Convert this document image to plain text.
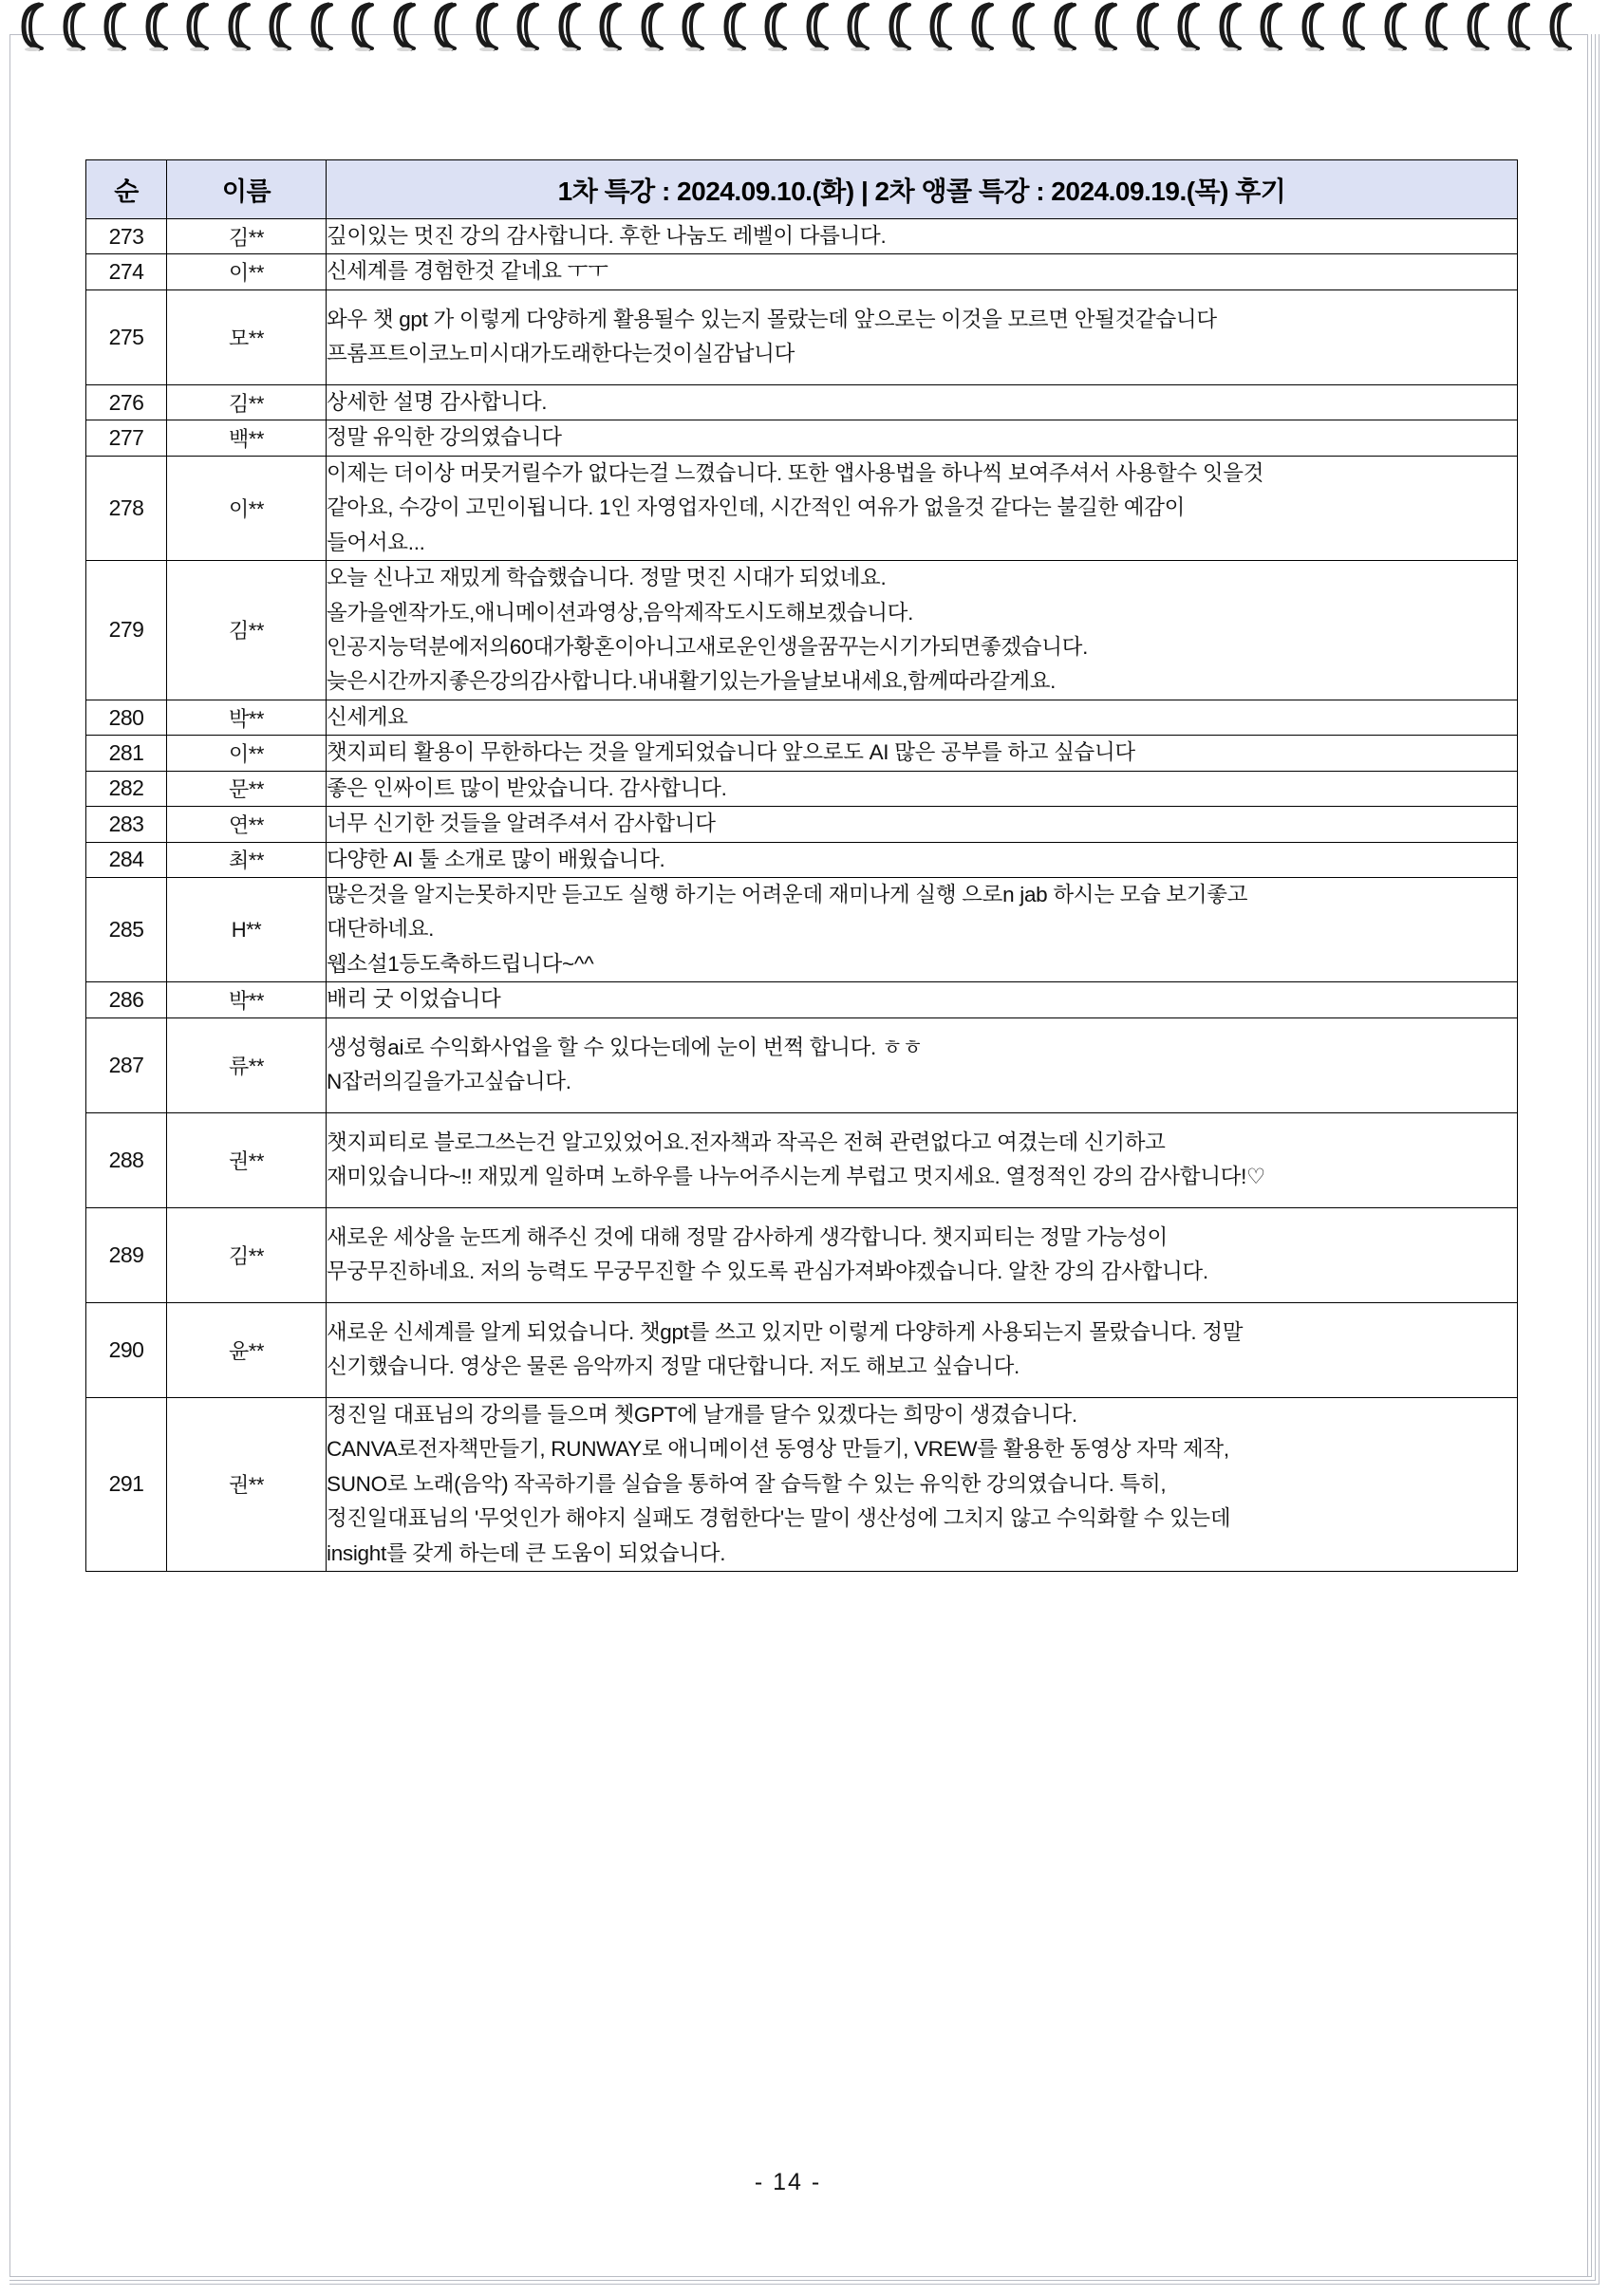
순	이름	1차 특강 : 2024.09.10.(화) | 2차 앵콜 특강 : 2024.09.19.(목) 후기
273	김**	깊이있는 멋진 강의 감사합니다. 후한 나눔도 레벨이 다릅니다.

274	이**	신세계를 경험한것 같네요 ㅜㅜ

275	모**	와우 챗 gpt 가 이렇게 다양하게 활용될수 있는지 몰랐는데 앞으로는 이것을 모르면 안될것같습니다
프롬프트이코노미시대가도래한다는것이실감납니다

276	김**	상세한 설명 감사합니다.

277	백**	정말 유익한 강의였습니다

278	이**	이제는 더이상 머뭇거릴수가 없다는걸 느꼈습니다. 또한 앱사용법을 하나씩 보여주셔서 사용할수 잇을것
같아요, 수강이 고민이됩니다. 1인 자영업자인데, 시간적인 여유가 없을것 같다는 불길한 예감이
들어서요...

279	김**	오늘 신나고 재밌게 학습했습니다. 정말 멋진 시대가 되었네요.
올가을엔작가도,애니메이션과영상,음악제작도시도해보겠습니다.
인공지능덕분에저의60대가황혼이아니고새로운인생을꿈꾸는시기가되면좋겠습니다.
늦은시간까지좋은강의감사합니다.내내활기있는가을날보내세요,함께따라갈게요.

280	박**	신세게요

281	이**	챗지피티 활용이 무한하다는 것을 알게되었습니다 앞으로도 AI 많은 공부를 하고 싶습니다

282	문**	좋은 인싸이트 많이 받았습니다. 감사합니다.

283	연**	너무 신기한 것들을 알려주셔서 감사합니다

284	최**	다양한 AI 툴 소개로 많이 배웠습니다.

285	H**	많은것을 알지는못하지만 듣고도 실행 하기는 어려운데 재미나게 실행 으로n jab 하시는 모습 보기좋고
대단하네요.
웹소설1등도축하드립니다~^^

286	박**	배리 굿 이었습니다

287	류**	생성형ai로 수익화사업을 할 수 있다는데에 눈이 번쩍 합니다. ㅎㅎ
N잡러의길을가고싶습니다.

288	권**	챗지피티로 블로그쓰는건 알고있었어요.전자책과 작곡은 전혀 관련없다고 여겼는데 신기하고
재미있습니다~!! 재밌게 일하며 노하우를 나누어주시는게 부럽고 멋지세요. 열정적인 강의 감사합니다!♡

289	김**	새로운 세상을 눈뜨게 해주신 것에 대해 정말 감사하게 생각합니다. 챗지피티는 정말 가능성이
무궁무진하네요. 저의 능력도 무궁무진할 수 있도록 관심가져봐야겠습니다. 알찬 강의 감사합니다.

290	윤**	새로운 신세계를 알게 되었습니다. 챗gpt를 쓰고 있지만 이렇게 다양하게 사용되는지 몰랐습니다. 정말
신기했습니다. 영상은 물론 음악까지 정말 대단합니다. 저도 해보고 싶습니다.

291	권**	정진일 대표님의 강의를 들으며 쳇GPT에 날개를 달수 있겠다는 희망이 생겼습니다.
CANVA로전자책만들기, RUNWAY로 애니메이션 동영상 만들기, VREW를 활용한 동영상 자막 제작,
SUNO로 노래(음악) 작곡하기를 실습을 통하여 잘 습득할 수 있는 유익한 강의였습니다. 특히,
정진일대표님의 '무엇인가 해야지 실패도 경험한다'는 말이 생산성에 그치지 않고 수익화할 수 있는데
insight를 갖게 하는데 큰 도움이 되었습니다.
- 14 -
